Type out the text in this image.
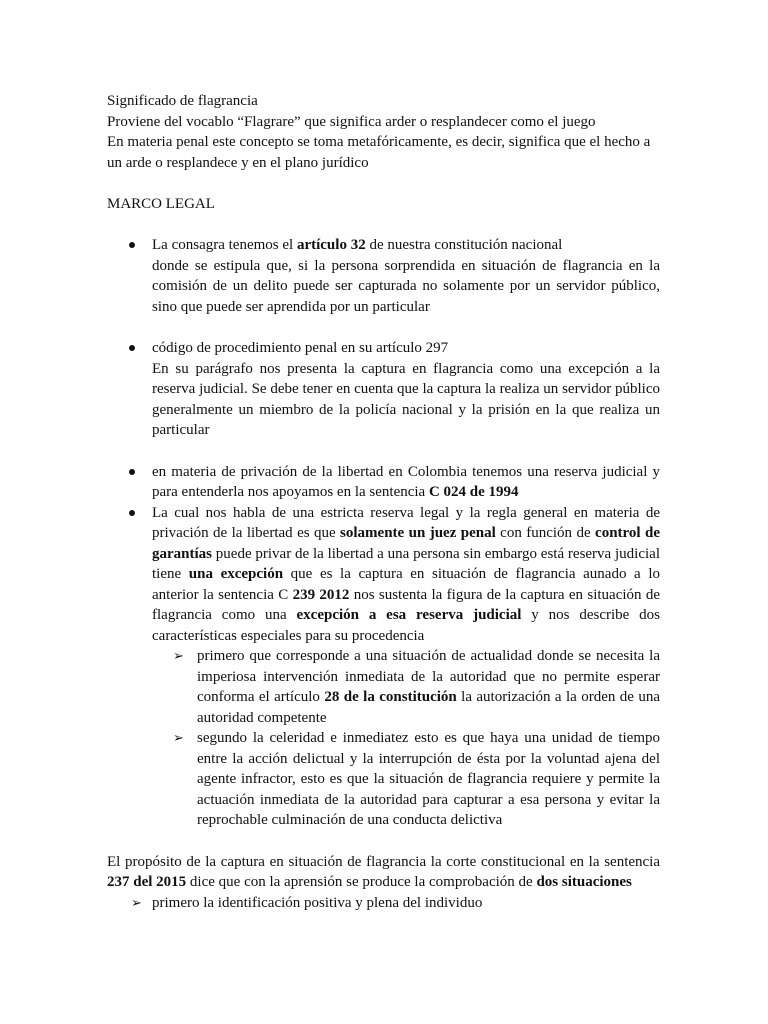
Significado de flagrancia

Proviene del vocablo “Flagrare” que significa arder o resplandecer como el juego

En materia penal este concepto se toma metafóricamente, es decir, significa que el hecho a un arde o resplandece y en el plano jurídico

MARCO LEGAL

La consagra tenemos el artículo 32 de nuestra constitución nacional

donde se estipula que, si la persona sorprendida en situación de flagrancia en la comisión de un delito puede ser capturada no solamente por un servidor público, sino que puede ser aprendida por un particular

código de procedimiento penal en su artículo 297

En su parágrafo nos presenta la captura en flagrancia como una excepción a la reserva judicial. Se debe tener en cuenta que la captura la realiza un servidor público generalmente un miembro de la policía nacional y la prisión en la que realiza un particular

en materia de privación de la libertad en Colombia tenemos una reserva judicial y para entenderla nos apoyamos en la sentencia C 024 de 1994

La cual nos habla de una estricta reserva legal y la regla general en materia de privación de la libertad es que solamente un juez penal con función de control de garantías puede privar de la libertad a una persona sin embargo está reserva judicial tiene una excepción que es la captura en situación de flagrancia aunado a lo anterior la sentencia C 239 2012 nos sustenta la figura de la captura en situación de flagrancia como una excepción a esa reserva judicial y nos describe dos características especiales para su procedencia

➢ primero que corresponde a una situación de actualidad donde se necesita la imperiosa intervención inmediata de la autoridad que no permite esperar conforma el artículo 28 de la constitución la autorización a la orden de una autoridad competente

➢ segundo la celeridad e inmediatez esto es que haya una unidad de tiempo entre la acción delictual y la interrupción de ésta por la voluntad ajena del agente infractor, esto es que la situación de flagrancia requiere y permite la actuación inmediata de la autoridad para capturar a esa persona y evitar la reprochable culminación de una conducta delictiva

El propósito de la captura en situación de flagrancia la corte constitucional en la sentencia 237 del 2015 dice que con la aprensión se produce la comprobación de dos situaciones

➢ primero la identificación positiva y plena del individuo
